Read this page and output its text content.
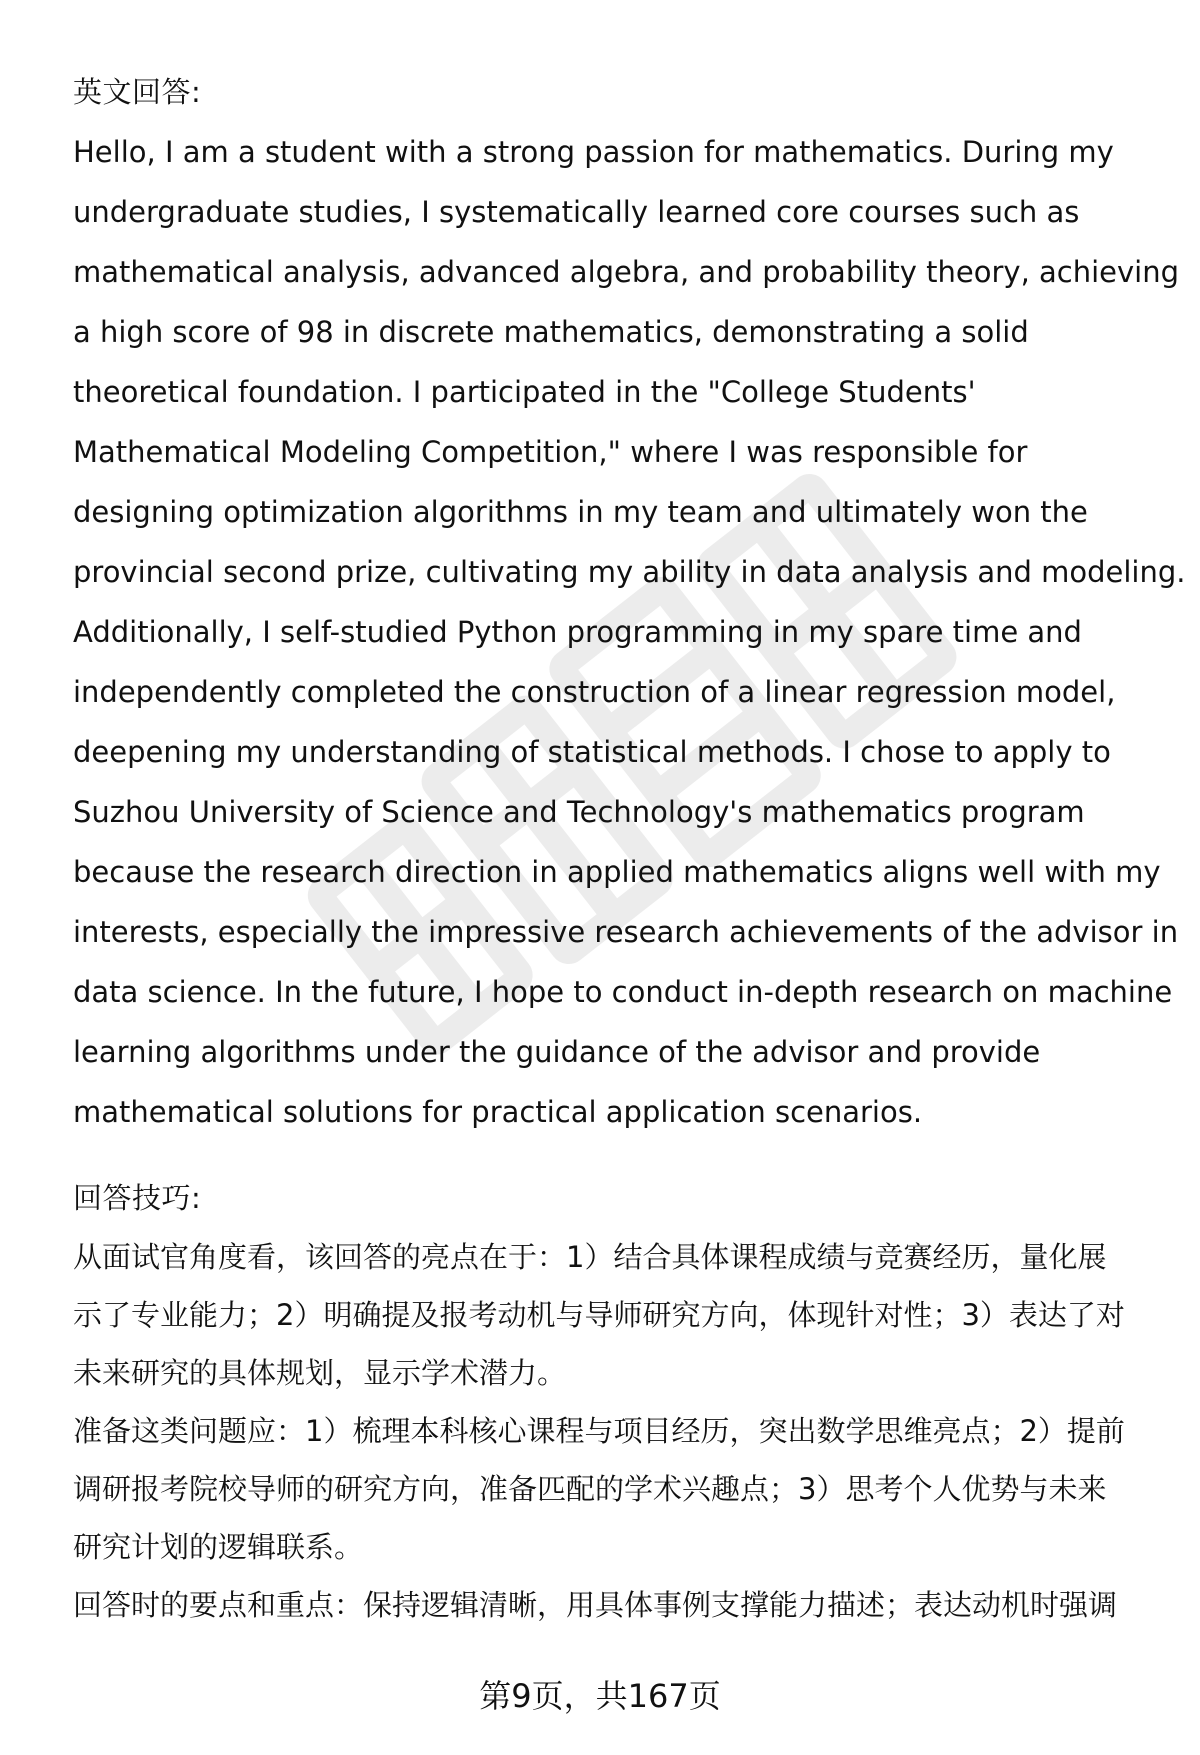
英文回答:

Hello, I am a student with a strong passion for mathematics. During my
undergraduate studies, I systematically learned core courses such as
mathematical analysis, advanced algebra, and probability theory, achieving
a high score of 98 in discrete mathematics, demonstrating a solid
theoretical foundation. I participated in the "College Students'
Mathematical Modeling Competition," where I was responsible for
designing optimization algorithms in my team and ultimately won the
provincial second prize, cultivating my ability in data analysis and modeling.
Additionally, I self-studied Python programming in my spare time and
independently completed the construction of a linear regression model,
deepening my understanding of statistical methods. I chose to apply to
Suzhou University of Science and Technology's mathematics program
because the research direction in applied mathematics aligns well with my
interests, especially the impressive research achievements of the advisor in
data science. In the future, I hope to conduct in-depth research on machine
learning algorithms under the guidance of the advisor and provide
mathematical solutions for practical application scenarios.

回答技巧:

从面试官角度看，该回答的亮点在于：1）结合具体课程成绩与竞赛经历，量化展
示了专业能力；2）明确提及报考动机与导师研究方向，体现针对性；3）表达了对
未来研究的具体规划，显示学术潜力。

准备这类问题应：1）梳理本科核心课程与项目经历，突出数学思维亮点；2）提前
调研报考院校导师的研究方向，准备匹配的学术兴趣点；3）思考个人优势与未来
研究计划的逻辑联系。

回答时的要点和重点：保持逻辑清晰，用具体事例支撑能力描述；表达动机时强调

第9页，共167页
